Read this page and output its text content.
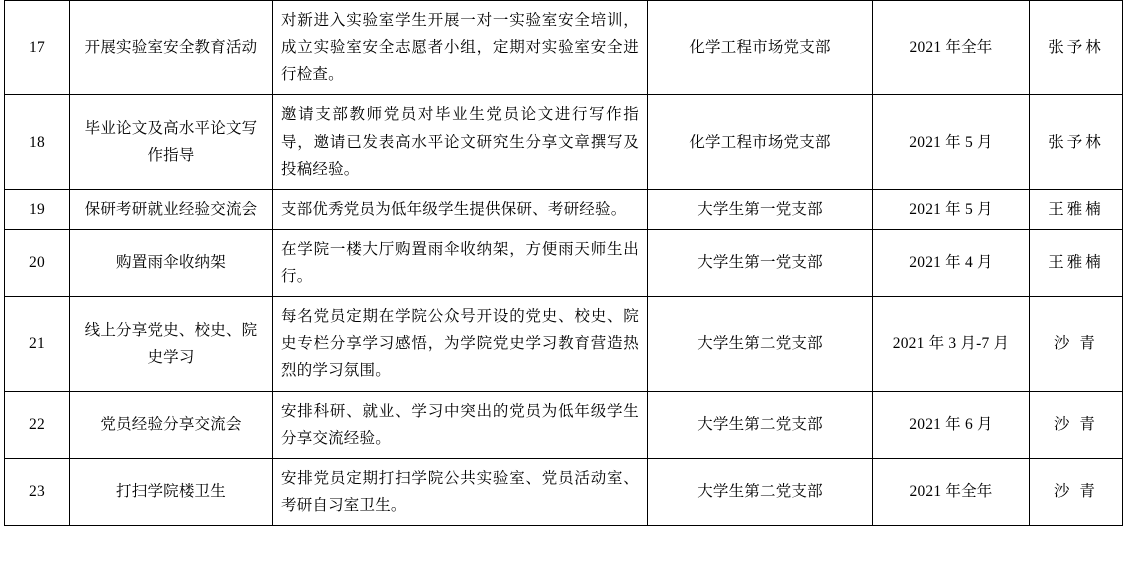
17	开展实验室安全教育活动	对新进入实验室学生开展一对一实验室安全培训，成立实验室安全志愿者小组，定期对实验室安全进行检查。	化学工程市场党支部	2021 年全年	张予林

18	毕业论文及高水平论文写作指导	邀请支部教师党员对毕业生党员论文进行写作指导，邀请已发表高水平论文研究生分享文章撰写及投稿经验。	化学工程市场党支部	2021 年 5 月	张予林

19	保研考研就业经验交流会	支部优秀党员为低年级学生提供保研、考研经验。	大学生第一党支部	2021 年 5 月	王雅楠

20	购置雨伞收纳架	在学院一楼大厅购置雨伞收纳架，方便雨天师生出行。	大学生第一党支部	2021 年 4 月	王雅楠

21	线上分享党史、校史、院史学习	每名党员定期在学院公众号开设的党史、校史、院史专栏分享学习感悟，为学院党史学习教育营造热烈的学习氛围。	大学生第二党支部	2021 年 3 月-7 月	沙 青

22	党员经验分享交流会	安排科研、就业、学习中突出的党员为低年级学生分享交流经验。	大学生第二党支部	2021 年 6 月	沙 青

23	打扫学院楼卫生	安排党员定期打扫学院公共实验室、党员活动室、考研自习室卫生。	大学生第二党支部	2021 年全年	沙 青
